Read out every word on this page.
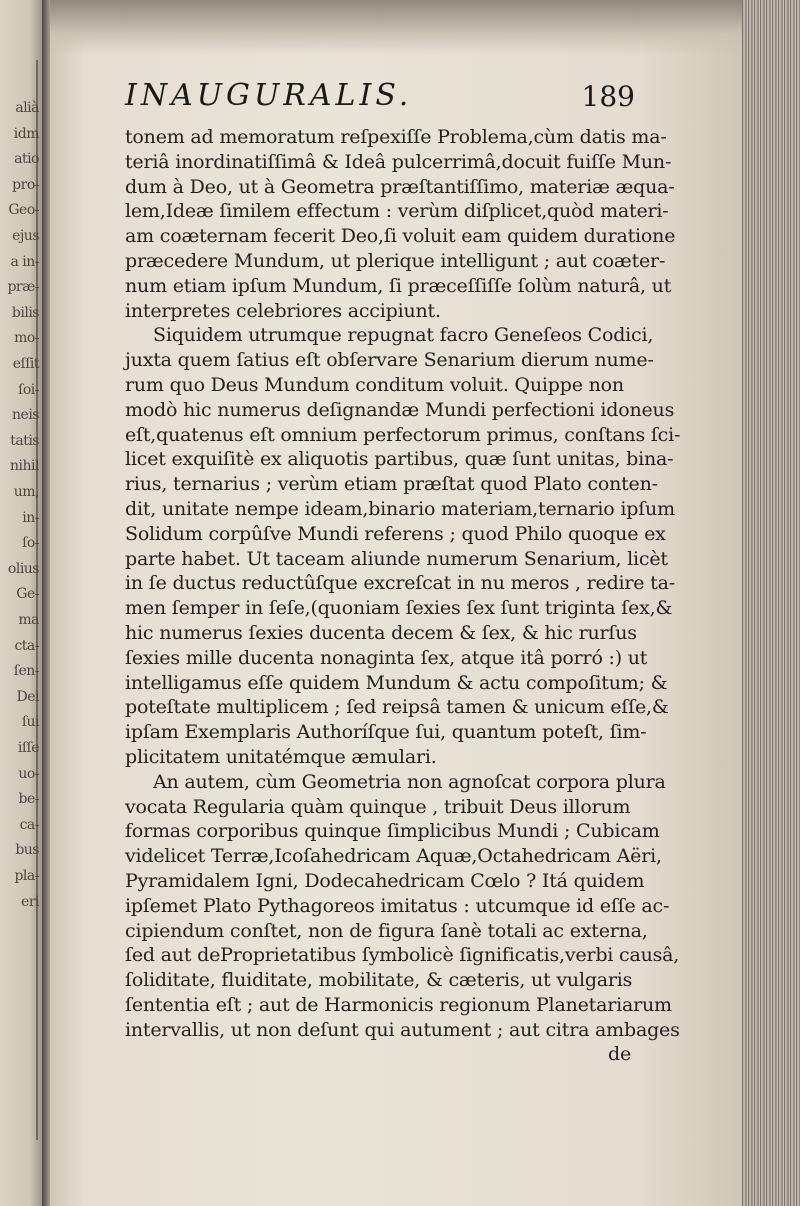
alià
idm
atio
pro-
Geo-
ejus
a in-
præ-
bilis
mo-
eſſit
ſoi-
neis
tatis
nihil
um,
in-
ſo-
olius
Ge-
ma
cta-
ſen-
Dei
ſui
iſſe
uo-
be-
ca-
bus
pla-
eri
INAUGURALIS.	189
tonem ad memoratum reſpexiſſe Problema,cùm datis ma-
teriâ inordinatiſſimâ & Ideâ pulcerrimâ,docuit fuiſſe Mun-
dum à Deo, ut à Geometra præſtantiſſimo, materiæ æqua-
lem,Ideæ ſimilem effectum : verùm diſplicet,quòd materi-
am coæternam fecerit Deo,ſi voluit eam quidem duratione
præcedere Mundum, ut plerique intelligunt ; aut coæter-
num etiam ipſum Mundum, ſi præceſſiſſe ſolùm naturâ, ut
interpretes celebriores accipiunt.
Siquidem utrumque repugnat facro Geneſeos Codici,
juxta quem ſatius eſt obſervare Senarium dierum nume-
rum quo Deus Mundum conditum voluit. Quippe non
modò hic numerus deſignandæ Mundi perfectioni idoneus
eſt,quatenus eſt omnium perfectorum primus, conſtans ſci-
licet exquiſitè ex aliquotis partibus, quæ ſunt unitas, bina-
rius, ternarius ; verùm etiam præſtat quod Plato conten-
dit, unitate nempe ideam,binario materiam,ternario ipſum
Solidum corpûſve Mundi referens ; quod Philo quoque ex
parte habet. Ut taceam aliunde numerum Senarium, licèt
in ſe ductus reductûſque excreſcat in nu meros , redire ta-
men ſemper in ſeſe,(quoniam ſexies ſex ſunt triginta ſex,&
hic numerus ſexies ducenta decem & ſex, & hic rurſus
ſexies mille ducenta nonaginta ſex, atque itâ porró :) ut
intelligamus eſſe quidem Mundum & actu compoſitum; &
poteſtate multiplicem ; ſed reipsâ tamen & unicum eſſe,&
ipſam Exemplaris Authoríſque ſui, quantum poteſt, ſim-
plicitatem unitatémque æmulari.
An autem, cùm Geometria non agnoſcat corpora plura
vocata Regularia quàm quinque , tribuit Deus illorum
formas corporibus quinque ſimplicibus Mundi ; Cubicam
videlicet Terræ,Icoſahedricam Aquæ,Octahedricam Aëri,
Pyramidalem Igni, Dodecahedricam Cœlo ? Itá quidem
ipſemet Plato Pythagoreos imitatus : utcumque id eſſe ac-
cipiendum conſtet, non de figura ſanè totali ac externa,
ſed aut deProprietatibus ſymbolicè ſignificatis,verbi causâ,
ſoliditate, fluiditate, mobilitate, & cæteris, ut vulgaris
ſententia eſt ; aut de Harmonicis regionum Planetariarum
intervallis, ut non deſunt qui autument ; aut citra ambages
de
